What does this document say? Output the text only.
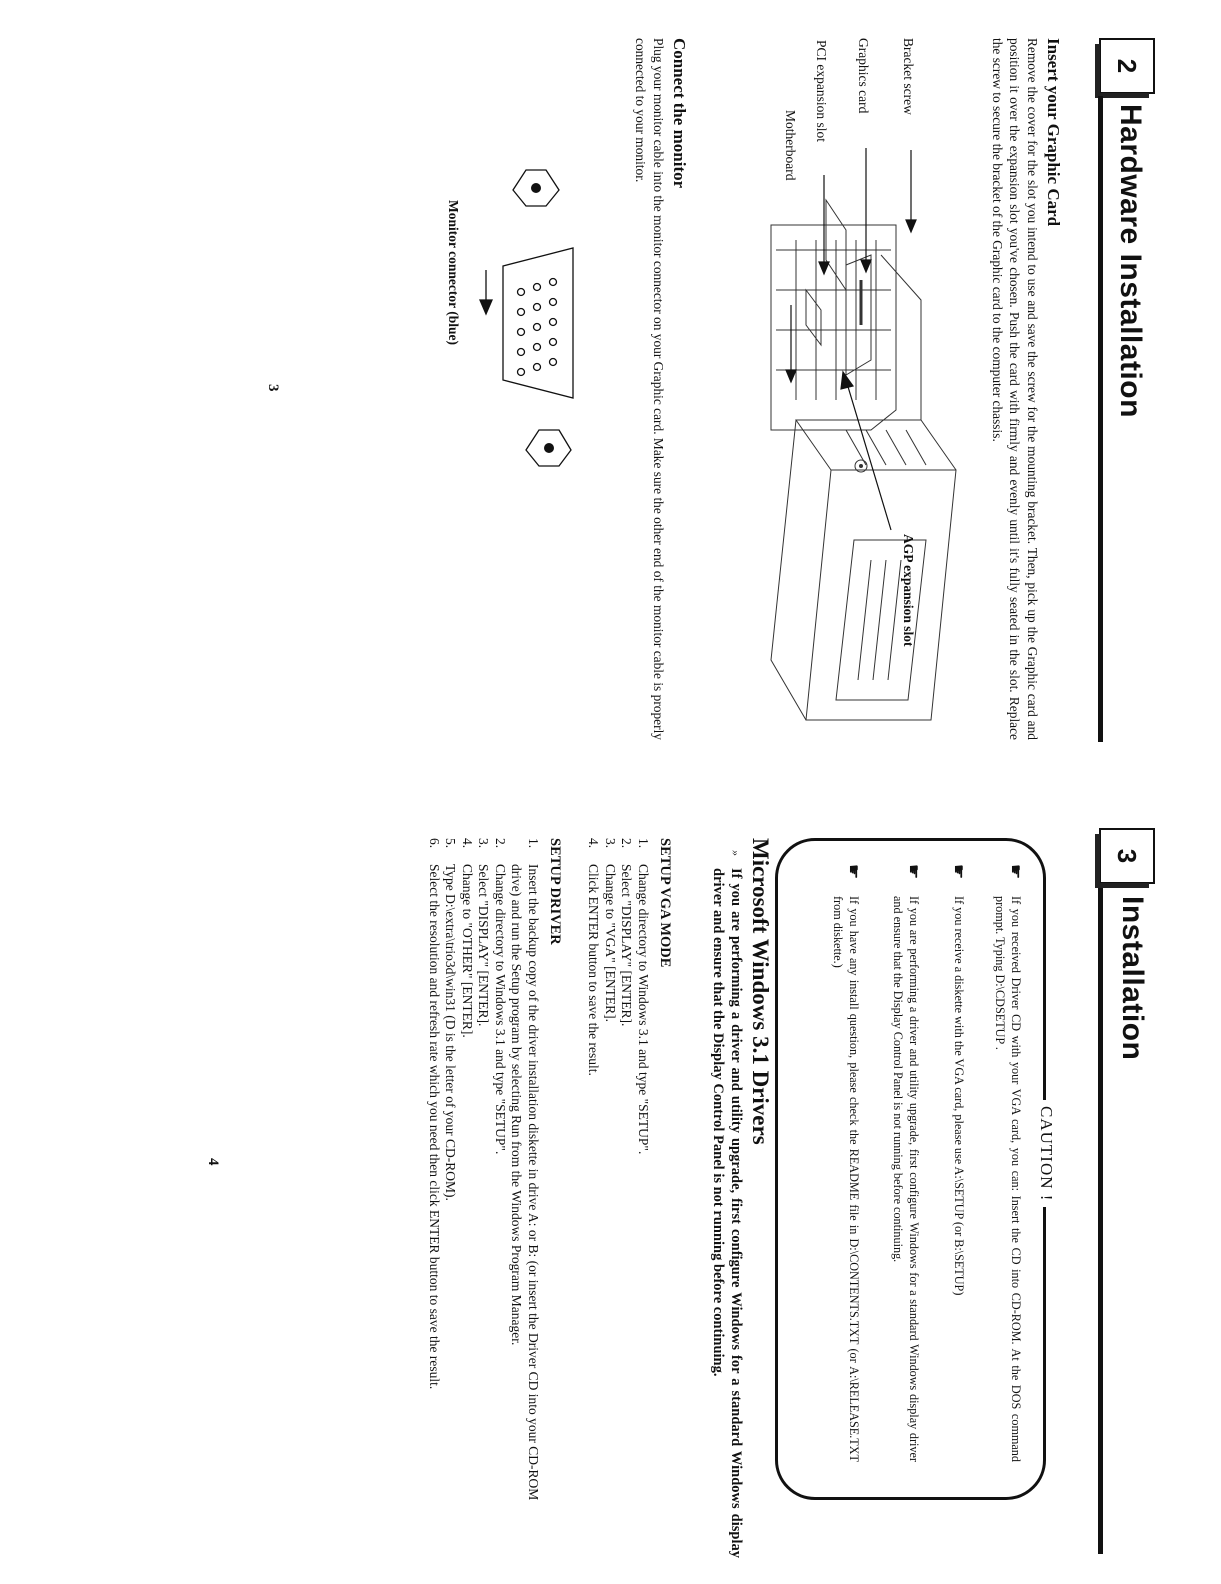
2
Hardware Installation
Insert your Graphic Card
Remove the cover for the slot you intend to use and save the screw for the mounting bracket. Then, pick up the Graphic card and position it over the expansion slot you've chosen. Push the card with firmly and evenly until it's fully seated in the slot. Replace the screw to secure the bracket of the Graphic card to the computer chassis.
Bracket screw
Graphics card
PCI expansion slot
Motherboard
AGP expansion slot
Connect the monitor
Plug your monitor cable into the monitor connector on your Graphic card. Make sure the other end of the monitor cable is properly connected to your monitor.
Monitor connector (blue)
3
3
Installation
CAUTION !
☛
If you received Driver CD with your VGA card, you can: Insert the CD into CD-ROM. At the DOS command prompt. Typing D:\CDSETUP .
☛
If you receive a diskette with the VGA card, please use A:\SETUP (or B:\SETUP)
☛
If you are performing a driver and utility upgrade, first configure Windows for a standard Windows display driver and ensure that the Display Control Panel is not running before continuing.
☛
If you have any install question, please check the README file in D:\CONTENTS.TXT (or A:\RELEASE.TXT from diskette.)
Microsoft Windows 3.1 Drivers
»
If you are performing a driver and utility upgrade, first configure Windows for a standard Windows display driver and ensure that the Display Control Panel is not running before continuing.
SETUP VGA MODE
1.
Change directory to Windows 3.1 and type "SETUP".
2.
Select "DISPLAY" [ENTER].
3.
Change to "VGA" [ENTER].
4.
Click ENTER button to save the result.
SETUP DRIVER
1.
Insert the backup copy of the driver installation diskette in drive A: or B: (or insert the Driver CD into your CD-ROM drive) and run the Setup program by selecting Run from the Windows Program Manager.
2.
Change directory to Windows 3.1 and type "SETUP".
3.
Select "DISPLAY" [ENTER].
4.
Change to "OTHER" [ENTER].
5.
Type D:\extra\trio3d\win31 (D is the letter of your CD-ROM).
6.
Select the resolution and refresh rate which you need then click ENTER button to save the result.
4
